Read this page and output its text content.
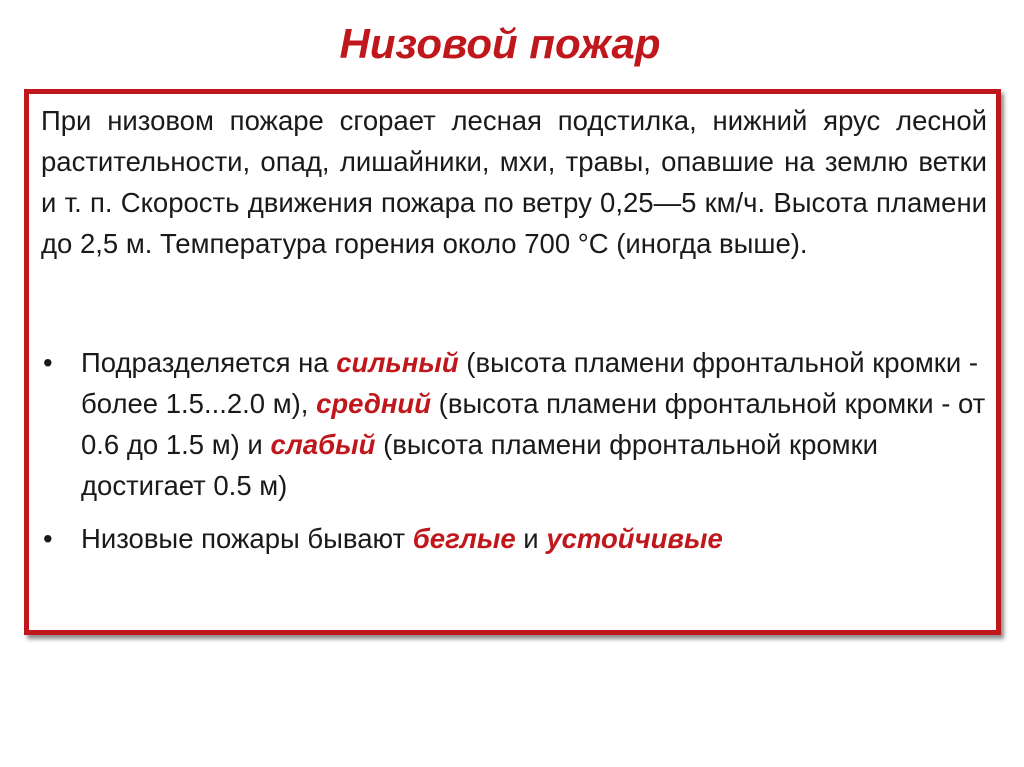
Низовой пожар

При низовом пожаре сгорает лесная подстилка, нижний ярус лесной растительности, опад, лишайники, мхи, травы, опавшие на землю ветки и т. п. Скорость движения пожара по ветру 0,25—5 км/ч. Высота пламени до 2,5 м. Температура горения около 700 °С (иногда выше).

• Подразделяется на сильный (высота пламени фронтальной кромки - более 1.5...2.0 м), средний (высота пламени фронтальной кромки - от 0.6 до 1.5 м) и слабый (высота пламени фронтальной кромки достигает 0.5 м)
• Низовые пожары бывают беглые и устойчивые
